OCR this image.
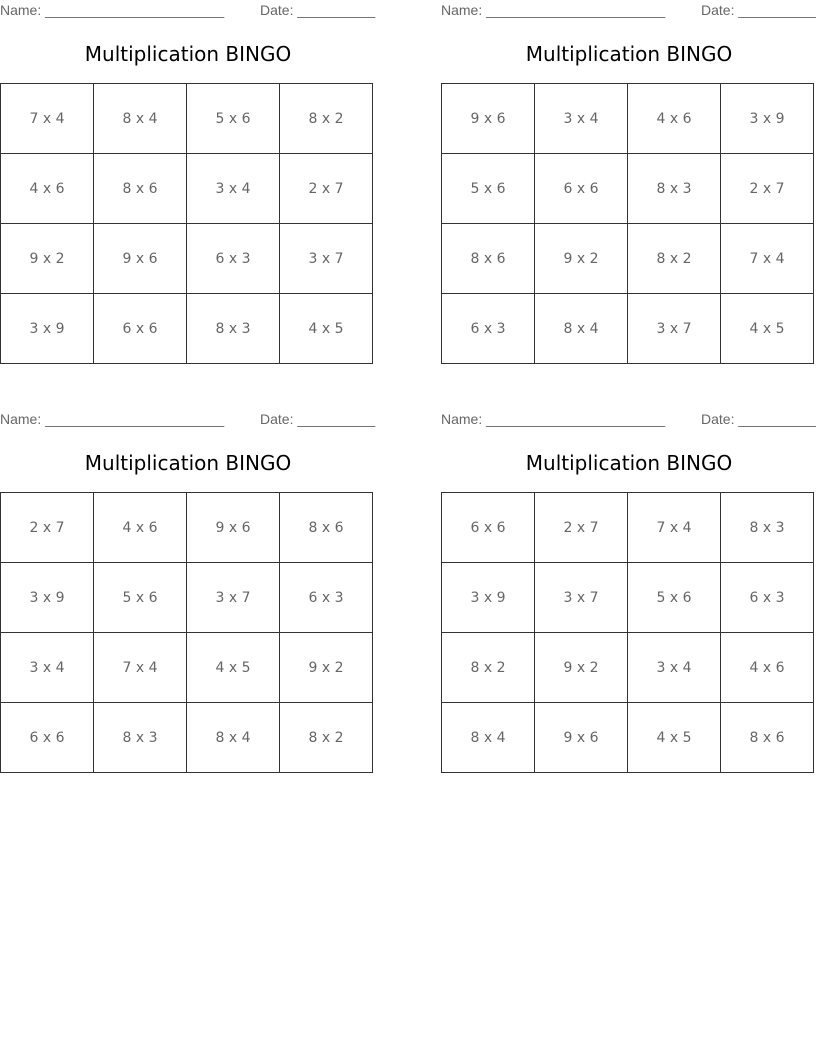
Name: _______________________	Date: __________
Multiplication BINGO
7 x 4	8 x 4	5 x 6	8 x 2
4 x 6	8 x 6	3 x 4	2 x 7
9 x 2	9 x 6	6 x 3	3 x 7
3 x 9	6 x 6	8 x 3	4 x 5
Name: _______________________	Date: __________
Multiplication BINGO
9 x 6	3 x 4	4 x 6	3 x 9
5 x 6	6 x 6	8 x 3	2 x 7
8 x 6	9 x 2	8 x 2	7 x 4
6 x 3	8 x 4	3 x 7	4 x 5
Name: _______________________	Date: __________
Multiplication BINGO
2 x 7	4 x 6	9 x 6	8 x 6
3 x 9	5 x 6	3 x 7	6 x 3
3 x 4	7 x 4	4 x 5	9 x 2
6 x 6	8 x 3	8 x 4	8 x 2
Name: _______________________	Date: __________
Multiplication BINGO
6 x 6	2 x 7	7 x 4	8 x 3
3 x 9	3 x 7	5 x 6	6 x 3
8 x 2	9 x 2	3 x 4	4 x 6
8 x 4	9 x 6	4 x 5	8 x 6
